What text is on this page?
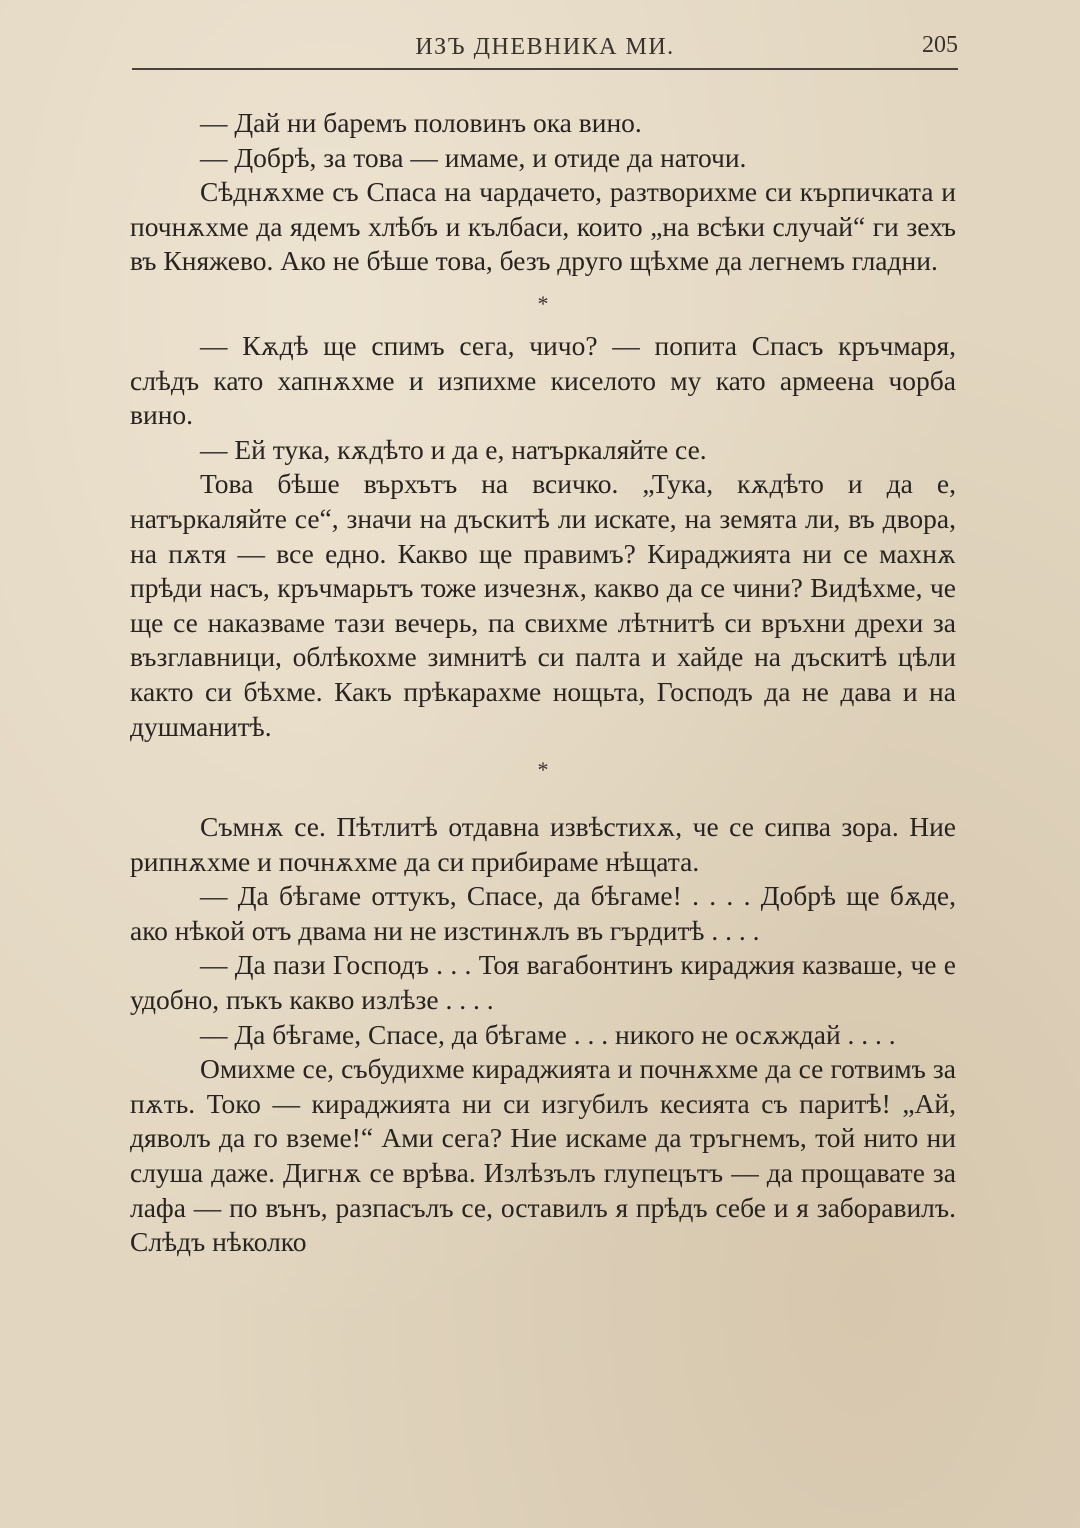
ИЗЪ ДНЕВНИКА МИ.	205

— Дай ни баремъ половинъ ока вино.

— Добрѣ, за това — имаме, и отиде да наточи.

Сѣднѫхме съ Спаса на чардачето, разтворихме си кърпичката и почнѫхме да ядемъ хлѣбъ и кълбаси, които „на всѣки случай“ ги зехъ въ Княжево. Ако не бѣше това, безъ друго щѣхме да легнемъ гладни.

*

— Кѫдѣ ще спимъ сега, чичо? — попита Спасъ кръчмаря, слѣдъ като хапнѫхме и изпихме киселото му като армеена чорба вино.

— Ей тука, кѫдѣто и да е, натъркаляйте се.

Това бѣше върхътъ на всичко. „Тука, кѫдѣто и да е, натъркаляйте се“, значи на дъскитѣ ли искате, на земята ли, въ двора, на пѫтя — все едно. Какво ще правимъ? Кираджията ни се махнѫ прѣди насъ, кръчмарьтъ тоже изчезнѫ, какво да се чини? Видѣхме, че ще се наказваме тази вечерь, па свихме лѣтнитѣ си връхни дрехи за възглавници, облѣкохме зимнитѣ си палта и хайде на дъскитѣ цѣли както си бѣхме. Какъ прѣкарахме нощьта, Господъ да не дава и на душманитѣ.

*

Съмнѫ се. Пѣтлитѣ отдавна извѣстихѫ, че се сипва зора. Ние рипнѫхме и почнѫхме да си прибираме нѣщата.

— Да бѣгаме оттукъ, Спасе, да бѣгаме! . . . . Добрѣ ще бѫде, ако нѣкой отъ двама ни не изстинѫлъ въ гърдитѣ . . . .

— Да пази Господъ . . . Тоя вагабонтинъ кираджия казваше, че е удобно, пъкъ какво излѣзе . . . .

— Да бѣгаме, Спасе, да бѣгаме . . . никого не осѫждай . . . .

Омихме се, събудихме кираджията и почнѫхме да се готвимъ за пѫть. Токо — кираджията ни си изгубилъ кесията съ паритѣ! „Ай, дяволъ да го вземе!“ Ами сега? Ние искаме да тръгнемъ, той нито ни слуша даже. Дигнѫ се врѣва. Излѣзълъ глупецътъ — да прощавате за лафа — по вънъ, разпасълъ се, оставилъ я прѣдъ себе и я заборавилъ. Слѣдъ нѣколко
